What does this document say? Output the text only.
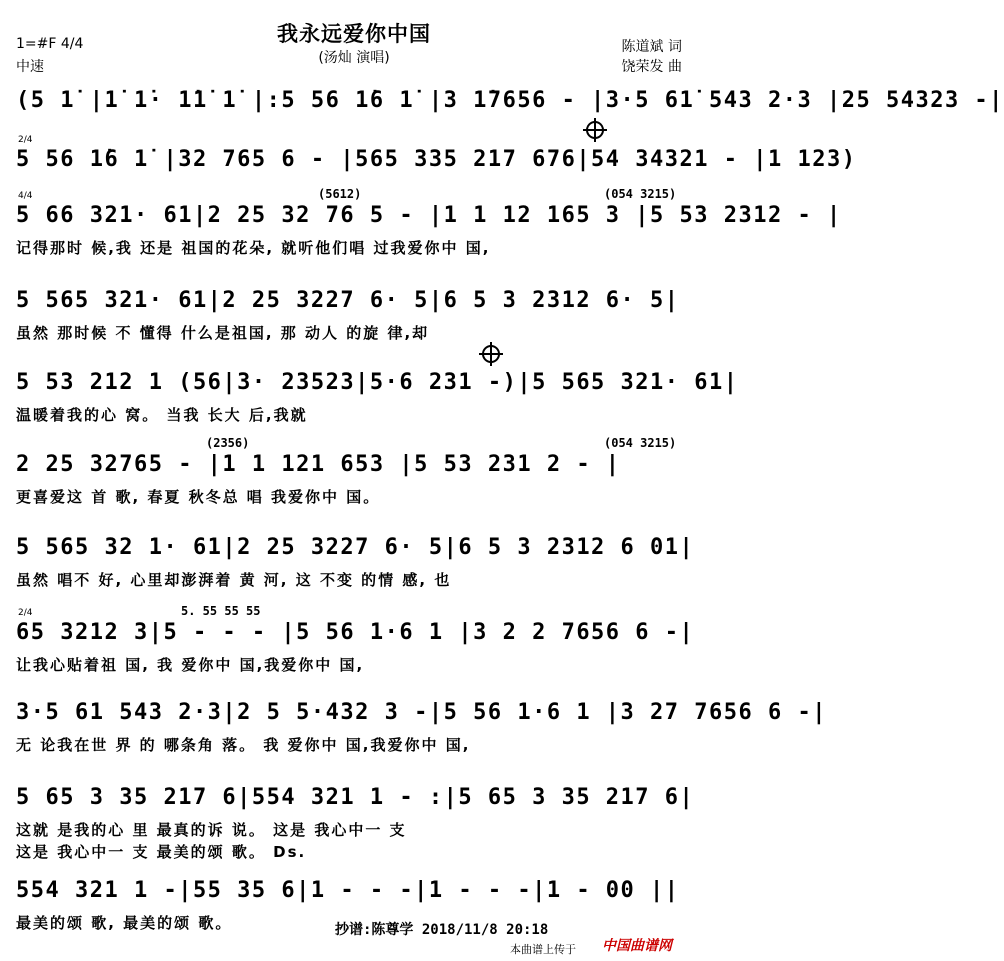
我永远爱你中国
(汤灿 演唱)
1=#F 4/4
中速
陈道斌 词
饶荣发 曲
(5 1̇ |1̇ 1̇· 1̇1̇ 1̇ |:5 56 1̇6 1̇ |3 1̇7656 - |3·5 61̇ 543 2·3 |25 54323 -|
5 56 1̇6 1̇ |32 765 6 - |565 335 217 676|54 34321 - |1 123)
2/4
5 66 321· 61|2 25 32 76 5 - |1 1 12 165 3 |5 53 2312 - |
记得那时 候,我 还是 祖国的花朵, 就听他们唱 过我爱你中 国,
4/4	(5612)	(054 3215)
5 565 321· 61|2 25 3227 6· 5|6 5 3 2312 6· 5|
虽然 那时候 不 懂得 什么是祖国, 那 动人 的旋 律,却
5 53 212 1 (56|3· 23523|5·6 231 -)|5 565 321· 61|
温暖着我的心 窝。 当我 长大 后,我就
2 25 32765 - |1 1 121 653 |5 53 231 2 - |
更喜爱这 首 歌, 春夏 秋冬总 唱 我爱你中 国。
(2356)	(054 3215)
5 565 32 1· 61|2 25 3227 6· 5|6 5 3 2312 6 01|
虽然 唱不 好, 心里却澎湃着 黄 河, 这 不变 的情 感, 也
65 3212 3|5 - - - |5 56 1·6 1 |3 2 2 7656 6 -|
让我心贴着祖 国, 我 爱你中 国,我爱你中 国,
2/4	5. 55 55 55
3·5 61 543 2·3|2 5 5·432 3 -|5 56 1·6 1 |3 27 7656 6 -|
无 论我在世 界 的 哪条角 落。 我 爱你中 国,我爱你中 国,
5 65 3 35 217 6|554 321 1 - :|5 65 3 35 217 6|
这就 是我的心 里 最真的诉 说。 这是 我心中一 支
这是 我心中一 支 最美的颂 歌。 Ds.
554 321 1 -|55 35 6|1 - - -|1 - - -|1 - 00 ||
最美的颂 歌, 最美的颂 歌。	抄谱:陈尊学 2018/11/8 20:18
本曲谱上传于 中国曲谱网
